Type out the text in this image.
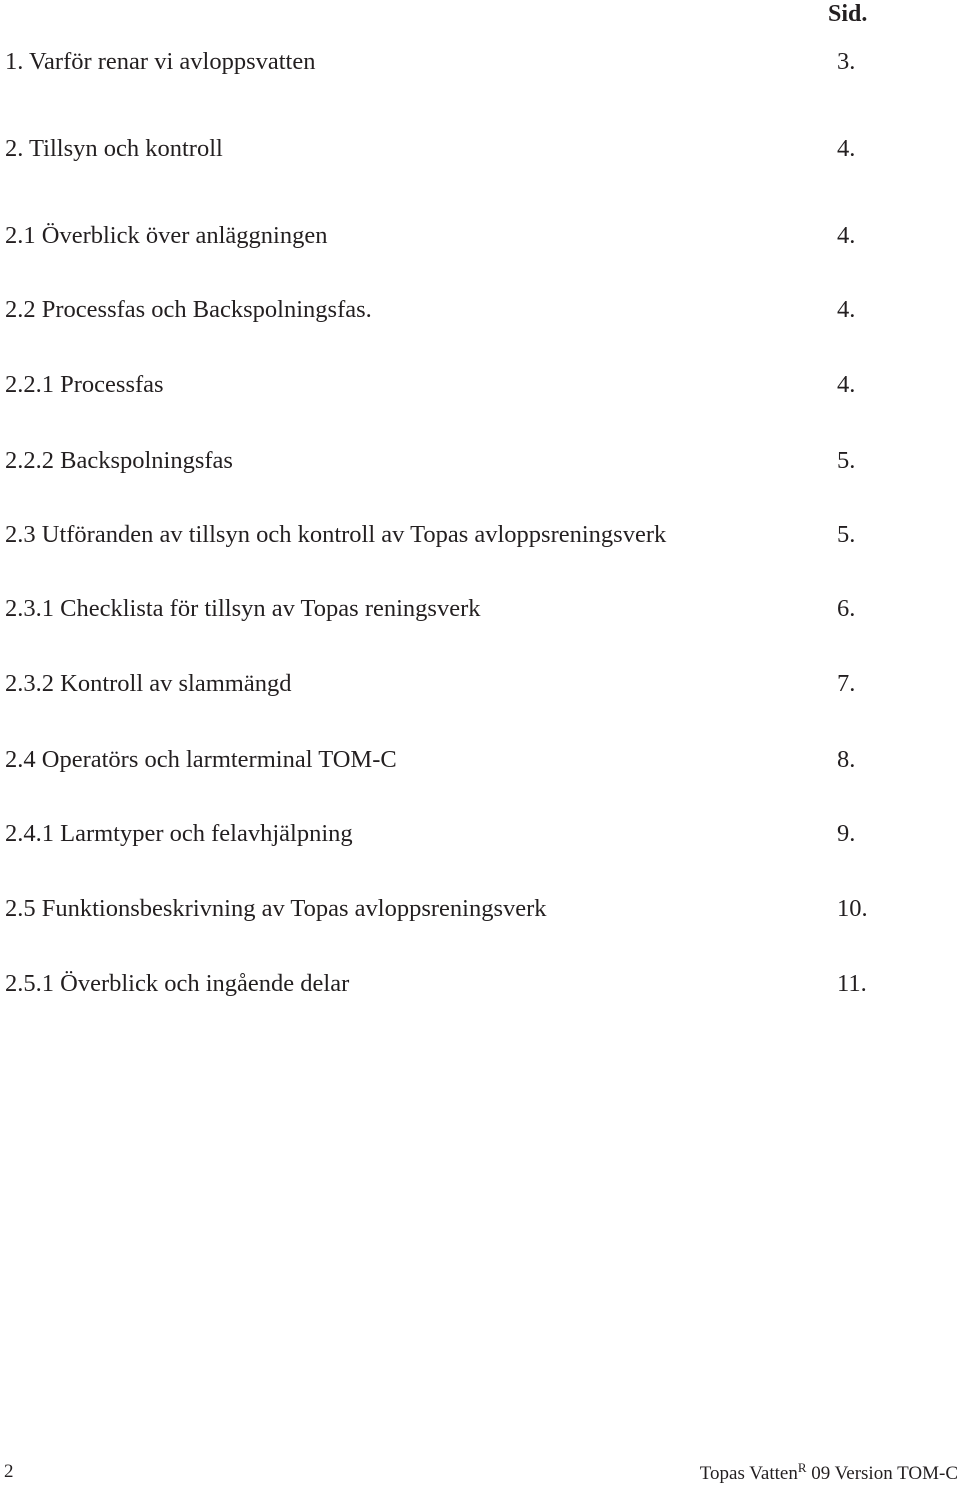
Sid.
1. Varför renar vi avloppsvatten	3.
2. Tillsyn och kontroll	4.
2.1 Överblick över anläggningen	4.
2.2 Processfas och Backspolningsfas.	4.
2.2.1 Processfas	4.
2.2.2 Backspolningsfas	5.
2.3 Utföranden av tillsyn och kontroll av Topas avloppsreningsverk	5.
2.3.1 Checklista för tillsyn av Topas reningsverk	6.
2.3.2 Kontroll av slammängd	7.
2.4 Operatörs och larmterminal TOM-C	8.
2.4.1 Larmtyper och felavhjälpning	9.
2.5 Funktionsbeskrivning av Topas avloppsreningsverk	10.
2.5.1 Överblick och ingående delar	11.
2	Topas Vatten$^R$ 09 Version TOM-C
